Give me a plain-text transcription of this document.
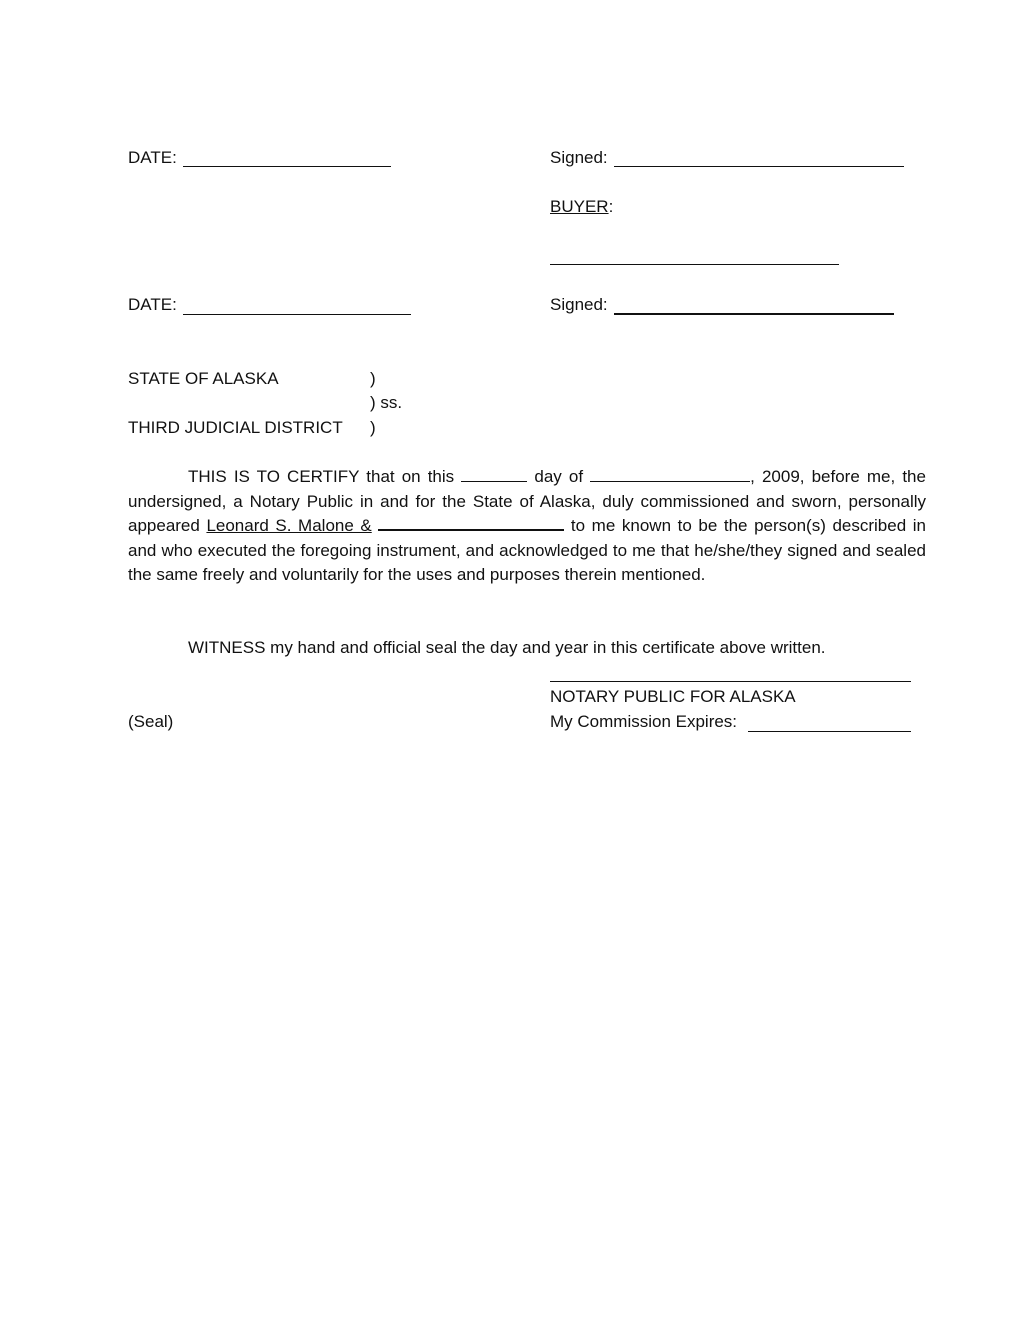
DATE:	Signed:
BUYER:
DATE:	Signed:
STATE OF ALASKA	)
) ss.
THIRD JUDICIAL DISTRICT )
THIS IS TO CERTIFY that on this	day of	, 2009, before me, the undersigned, a Notary Public in and for the State of Alaska, duly commissioned and sworn, personally appeared Leonard S. Malone &	to me known to be the person(s) described in and who executed the foregoing instrument, and acknowledged to me that he/she/they signed and sealed the same freely and voluntarily for the uses and purposes therein mentioned.
WITNESS my hand and official seal the day and year in this certificate above written.
NOTARY PUBLIC FOR ALASKA
(Seal)	My Commission Expires:
